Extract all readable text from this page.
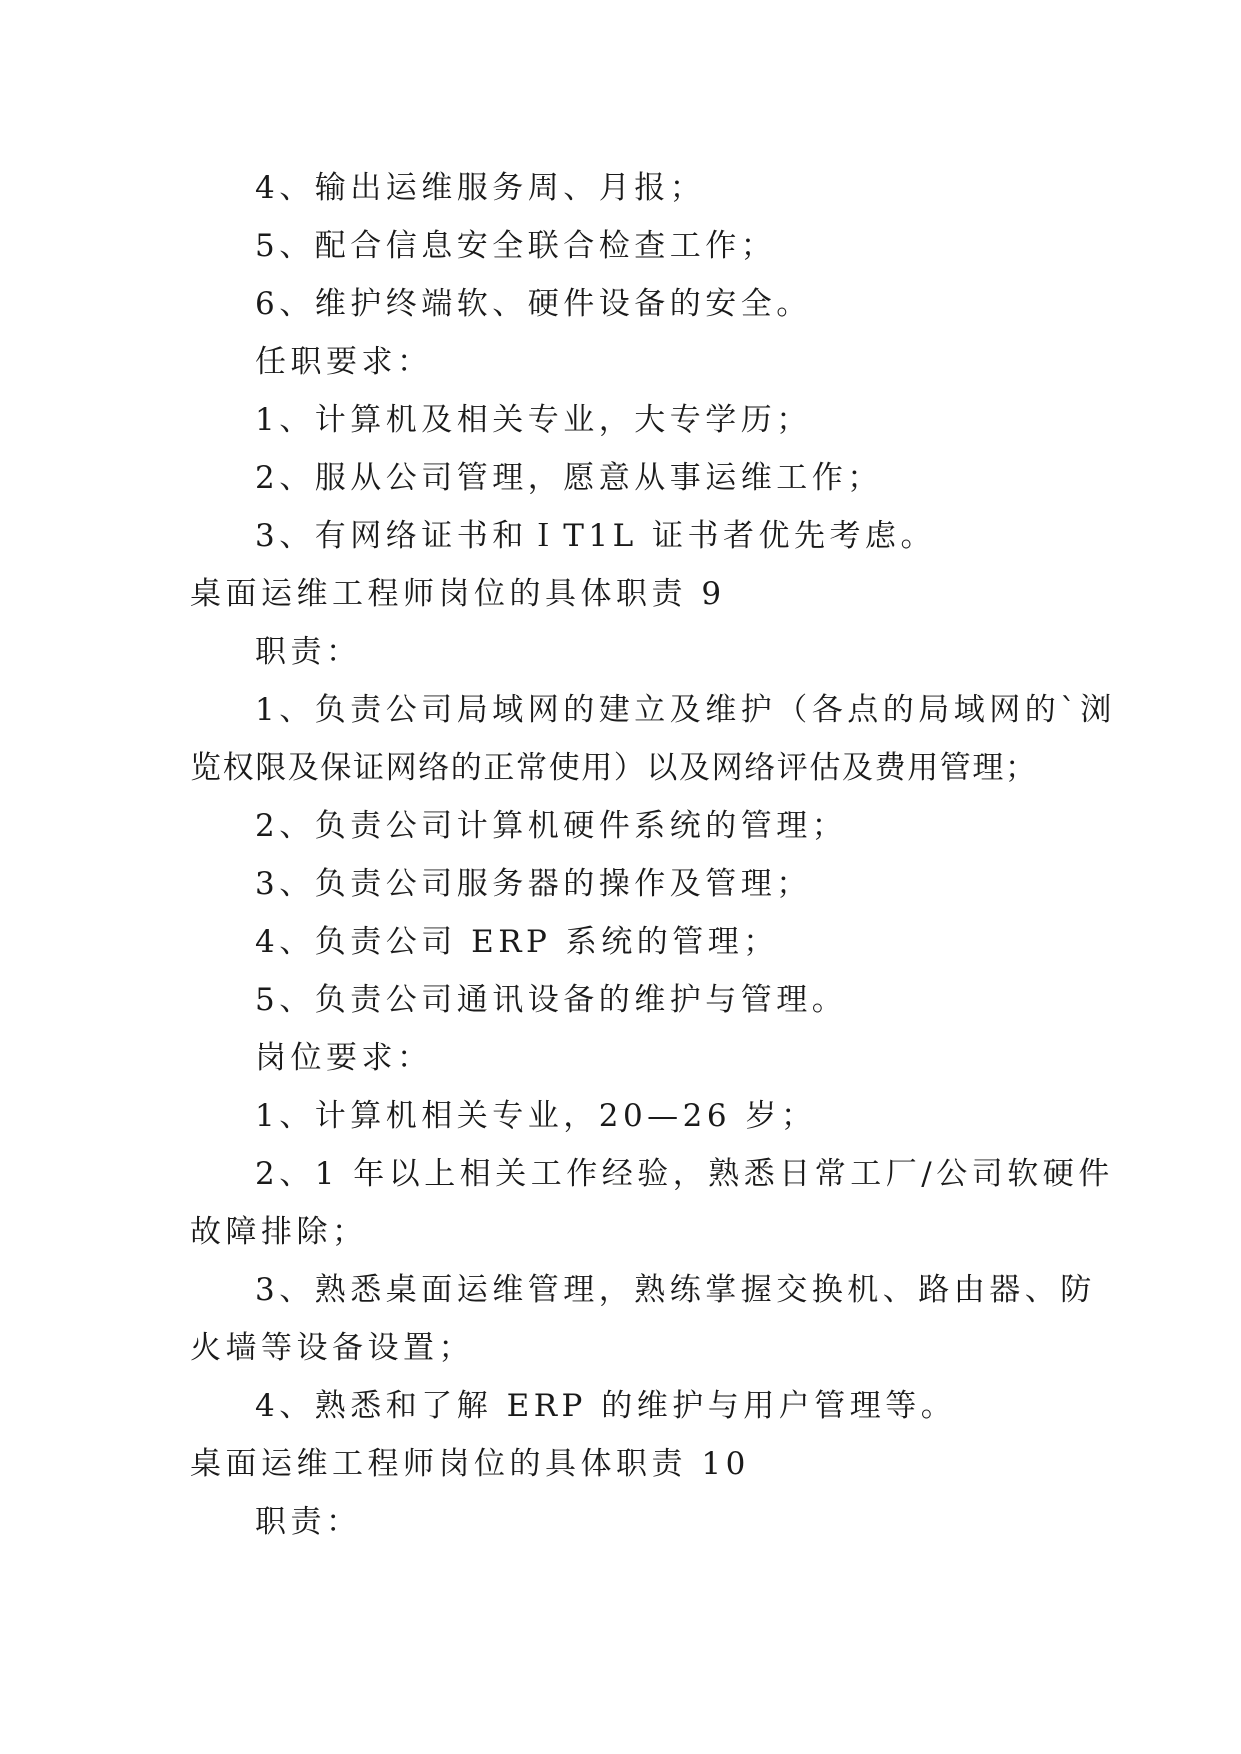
4、输出运维服务周、月报；

5、配合信息安全联合检查工作；

6、维护终端软、硬件设备的安全。

任职要求：

1、计算机及相关专业，大专学历；

2、服从公司管理，愿意从事运维工作；

3、有网络证书和ＩT1L 证书者优先考虑。

桌面运维工程师岗位的具体职责 9

职责：

1、负责公司局域网的建立及维护（各点的局域网的`浏

览权限及保证网络的正常使用）以及网络评估及费用管理；

2、负责公司计算机硬件系统的管理；

3、负责公司服务器的操作及管理；

4、负责公司 ERP 系统的管理；

5、负责公司通讯设备的维护与管理。

岗位要求：

1、计算机相关专业，20—26 岁；

2、1 年以上相关工作经验，熟悉日常工厂/公司软硬件

故障排除；

3、熟悉桌面运维管理，熟练掌握交换机、路由器、防

火墙等设备设置；

4、熟悉和了解 ERP 的维护与用户管理等。

桌面运维工程师岗位的具体职责 10

职责：
